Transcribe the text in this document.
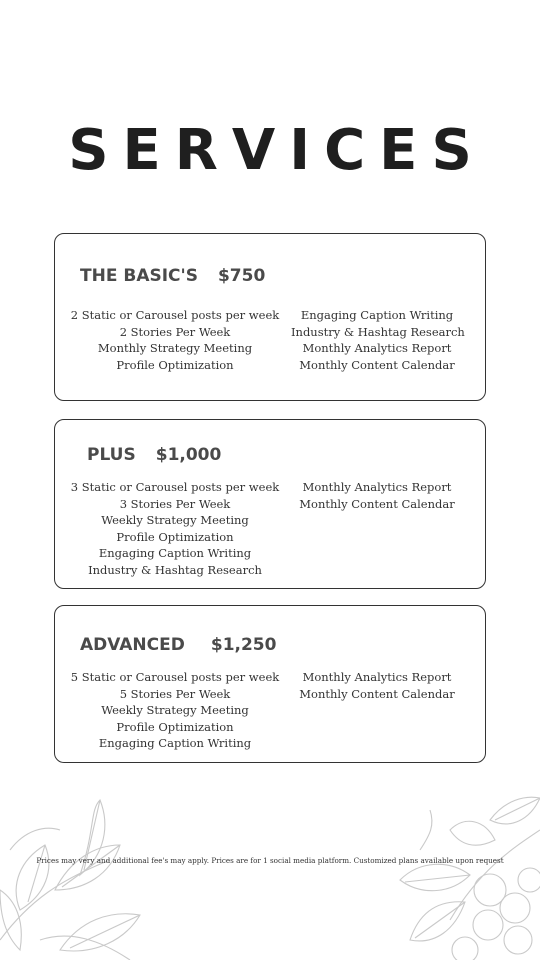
SERVICES
THE BASIC'S $750
2 Static or Carousel posts per week
2 Stories Per Week
Monthly Strategy Meeting
Profile Optimization
Engaging Caption Writing
Industry & Hashtag Research
Monthly Analytics Report
Monthly Content Calendar
PLUS $1,000
3 Static or Carousel posts per week
3 Stories Per Week
Weekly Strategy Meeting
Profile Optimization
Engaging Caption Writing
Industry & Hashtag Research
Monthly Analytics Report
Monthly Content Calendar
ADVANCED $1,250
5 Static or Carousel posts per week
5 Stories Per Week
Weekly Strategy Meeting
Profile Optimization
Engaging Caption Writing
Monthly Analytics Report
Monthly Content Calendar
Prices may very and additional fee's may apply. Prices are for 1 social media platform. Customized plans available upon request
